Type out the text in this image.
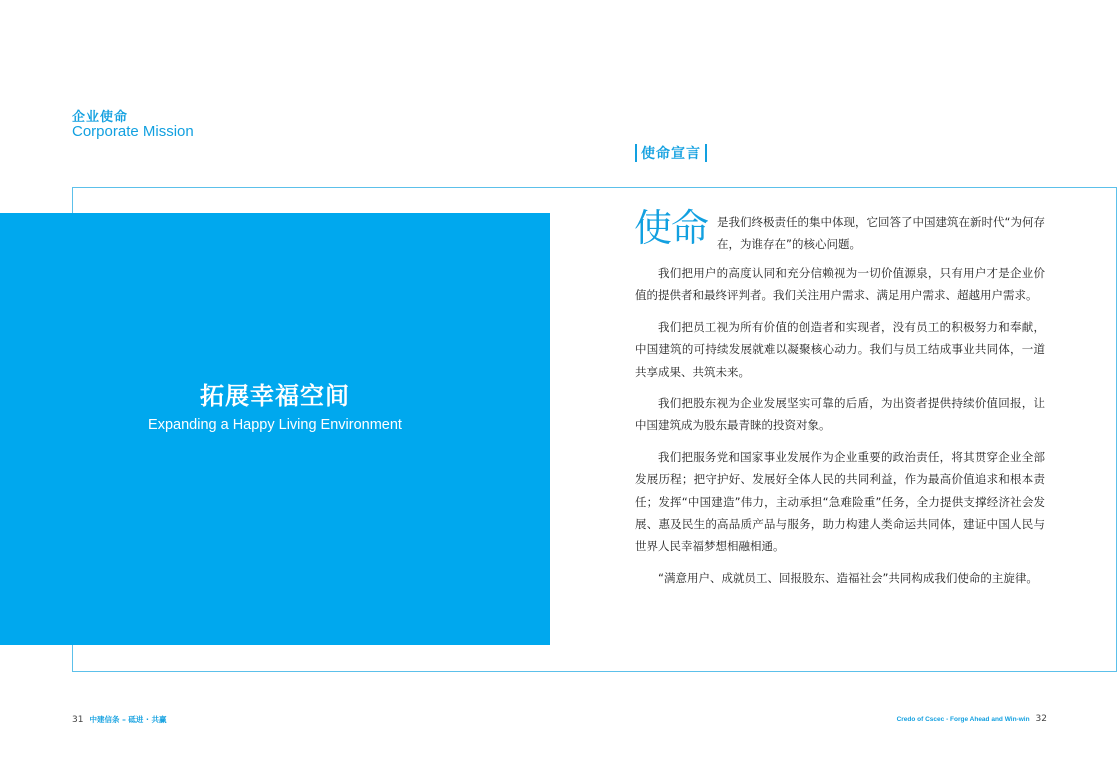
企业使命
Corporate Mission
使命宣言
拓展幸福空间
Expanding a Happy Living Environment
使命 是我们终极责任的集中体现，它回答了中国建筑在新时代“为何存在，为谁存在”的核心问题。

我们把用户的高度认同和充分信赖视为一切价值源泉，只有用户才是企业价值的提供者和最终评判者。我们关注用户需求、满足用户需求、超越用户需求。

我们把员工视为所有价值的创造者和实现者，没有员工的积极努力和奉献，中国建筑的可持续发展就难以凝聚核心动力。我们与员工结成事业共同体，一道共享成果、共筑未来。

我们把股东视为企业发展坚实可靠的后盾，为出资者提供持续价值回报，让中国建筑成为股东最青睐的投资对象。

我们把服务党和国家事业发展作为企业重要的政治责任，将其贯穿企业全部发展历程；把守护好、发展好全体人民的共同利益，作为最高价值追求和根本责任；发挥“中国建造”伟力，主动承担“急难险重”任务，全力提供支撑经济社会发展、惠及民生的高品质产品与服务，助力构建人类命运共同体，建证中国人民与世界人民幸福梦想相融相通。

“满意用户、成就员工、回报股东、造福社会”共同构成我们使命的主旋律。

31 中建信条 – 砥进 · 共赢	Credo of Cscec - Forge Ahead and Win-win 32
